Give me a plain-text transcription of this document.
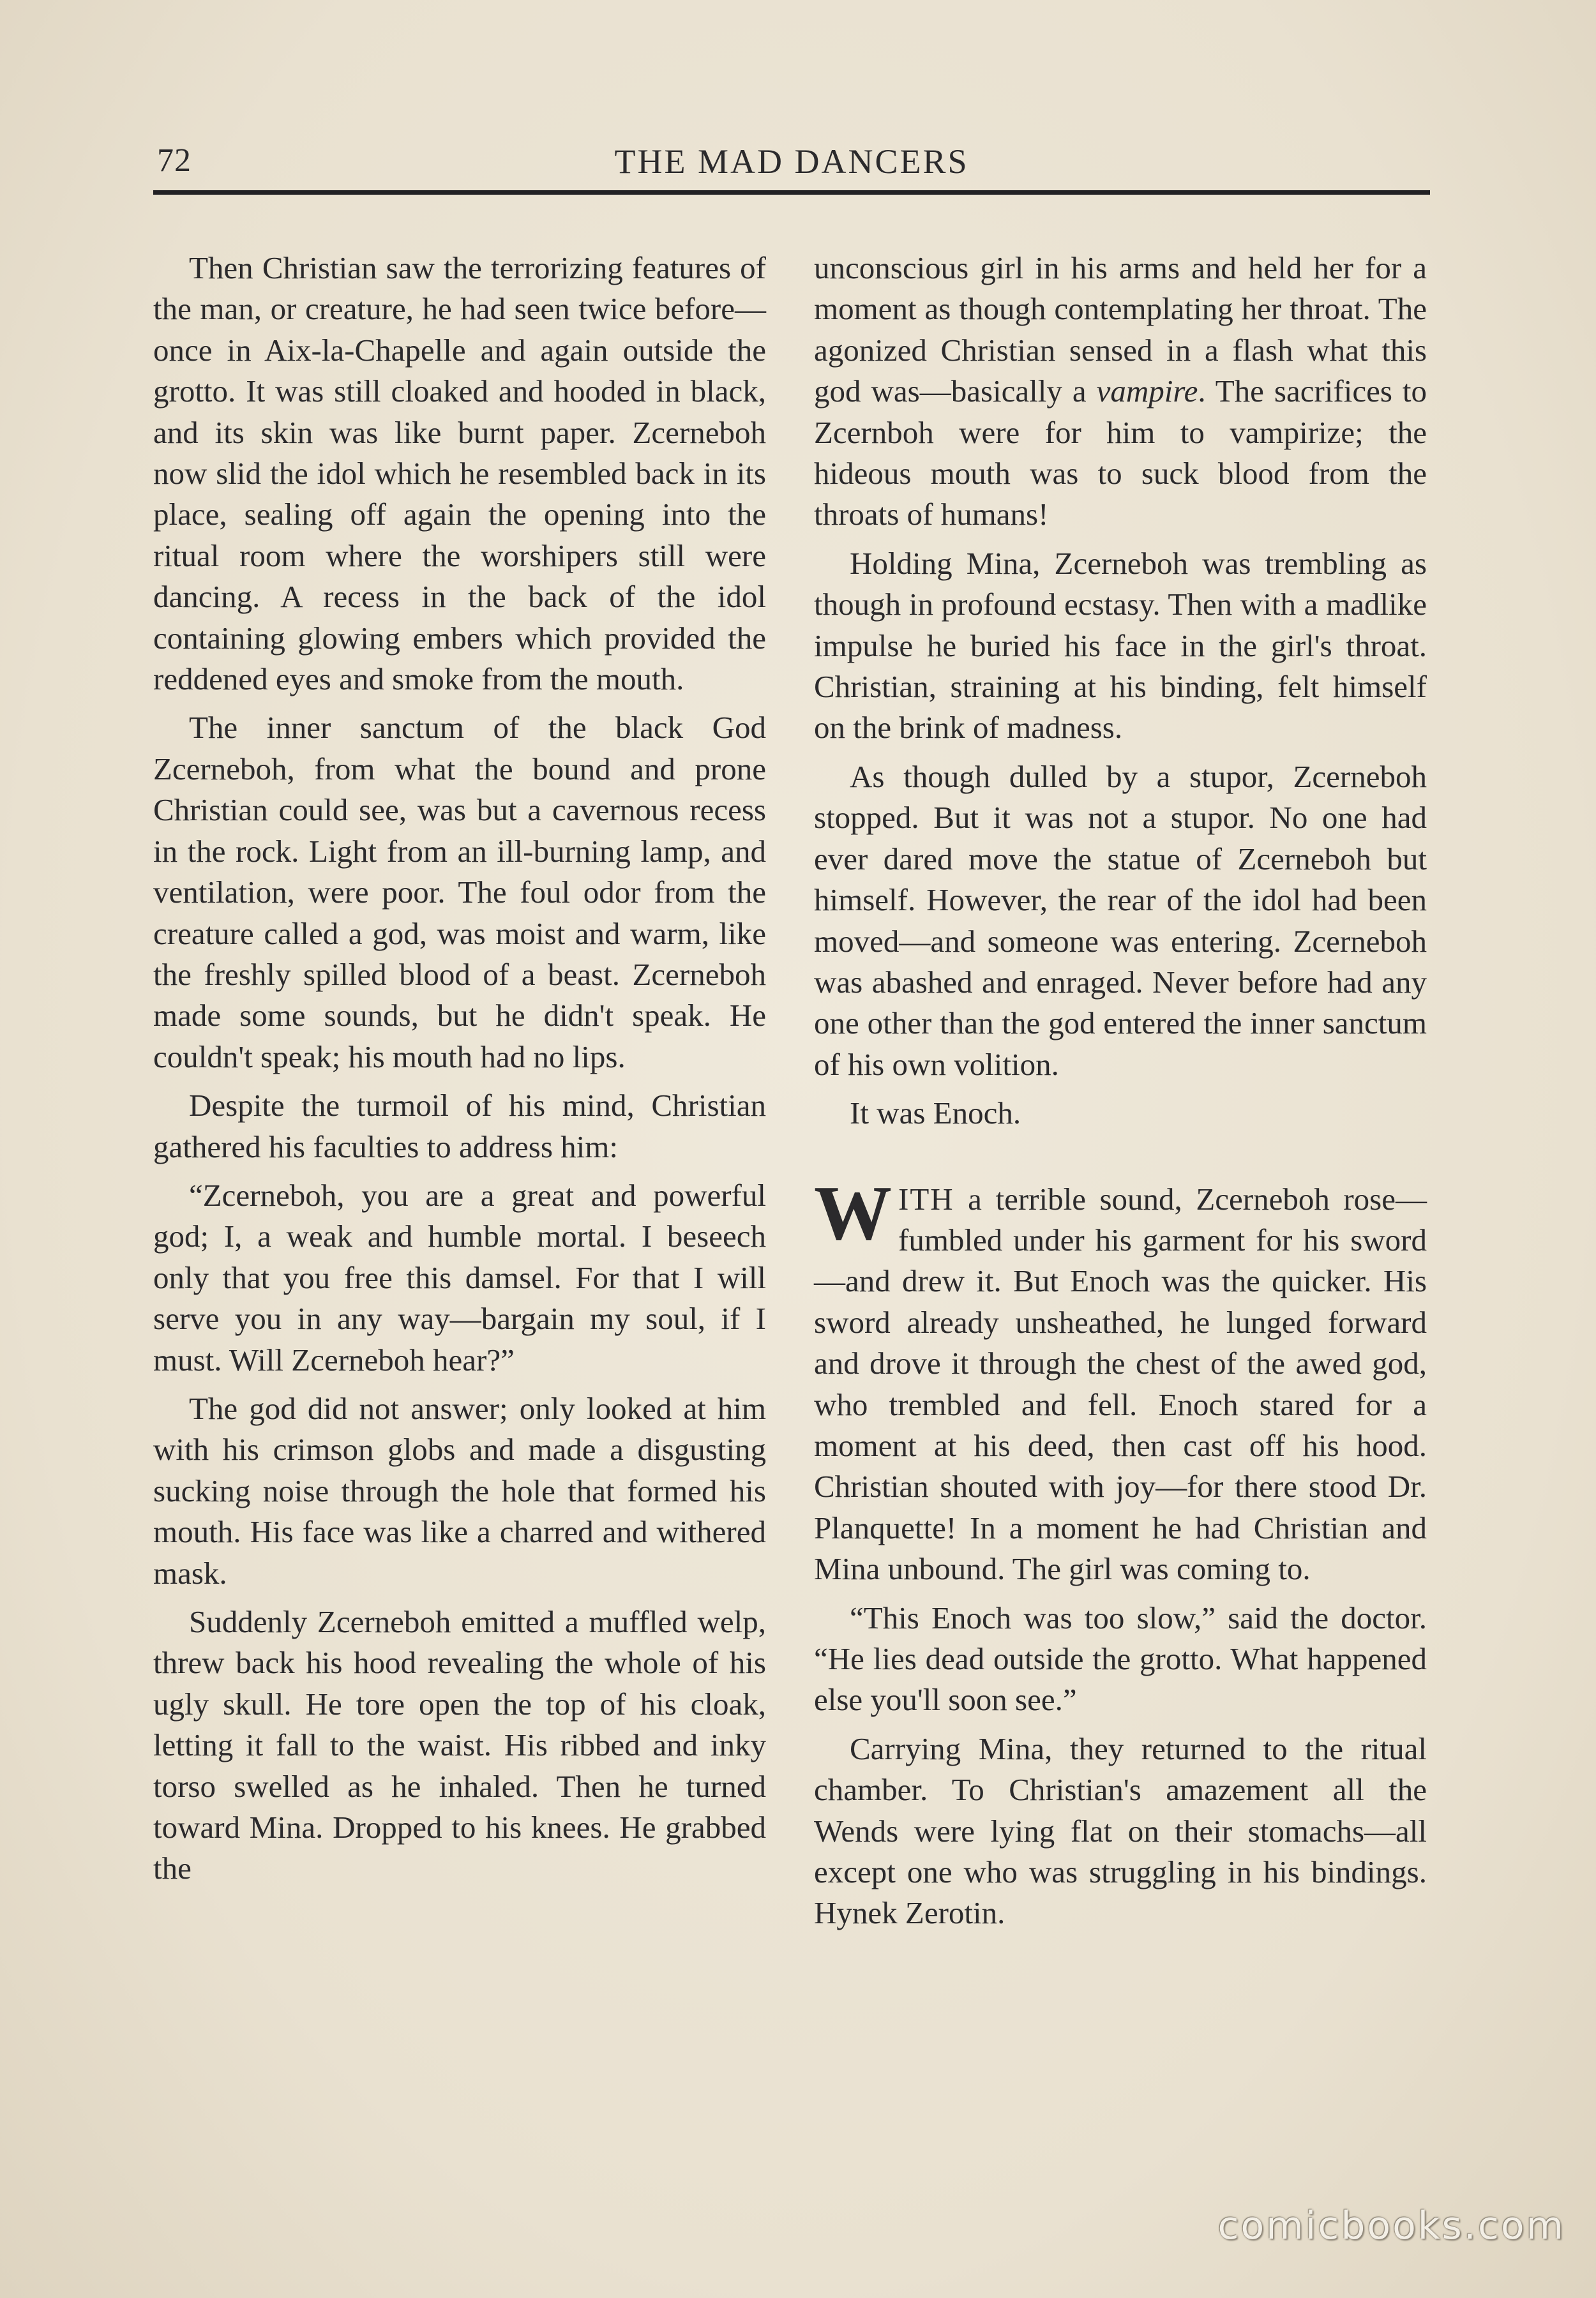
72	THE MAD DANCERS

Then Christian saw the terrorizing features of the man, or creature, he had seen twice before—once in Aix-la-Chapelle and again outside the grotto. It was still cloaked and hooded in black, and its skin was like burnt paper. Zcerneboh now slid the idol which he resembled back in its place, sealing off again the opening into the ritual room where the worshipers still were dancing. A recess in the back of the idol containing glowing embers which provided the reddened eyes and smoke from the mouth.

The inner sanctum of the black God Zcerneboh, from what the bound and prone Christian could see, was but a cavernous recess in the rock. Light from an ill-burning lamp, and ventilation, were poor. The foul odor from the creature called a god, was moist and warm, like the freshly spilled blood of a beast. Zcerneboh made some sounds, but he didn't speak. He couldn't speak; his mouth had no lips.

Despite the turmoil of his mind, Christian gathered his faculties to address him:

“Zcerneboh, you are a great and powerful god; I, a weak and humble mortal. I beseech only that you free this damsel. For that I will serve you in any way—bargain my soul, if I must. Will Zcerneboh hear?”

The god did not answer; only looked at him with his crimson globs and made a disgusting sucking noise through the hole that formed his mouth. His face was like a charred and withered mask.

Suddenly Zcerneboh emitted a muffled welp, threw back his hood revealing the whole of his ugly skull. He tore open the top of his cloak, letting it fall to the waist. His ribbed and inky torso swelled as he inhaled. Then he turned toward Mina. Dropped to his knees. He grabbed the

unconscious girl in his arms and held her for a moment as though contemplating her throat. The agonized Christian sensed in a flash what this god was—basically a vampire. The sacrifices to Zcernboh were for him to vampirize; the hideous mouth was to suck blood from the throats of humans!

Holding Mina, Zcerneboh was trembling as though in profound ecstasy. Then with a madlike impulse he buried his face in the girl's throat. Christian, straining at his binding, felt himself on the brink of madness.

As though dulled by a stupor, Zcerneboh stopped. But it was not a stupor. No one had ever dared move the statue of Zcerneboh but himself. However, the rear of the idol had been moved—and someone was entering. Zcerneboh was abashed and enraged. Never before had any one other than the god entered the inner sanctum of his own volition.

It was Enoch.

WITH a terrible sound, Zcerneboh rose—fumbled under his garment for his sword—and drew it. But Enoch was the quicker. His sword already unsheathed, he lunged forward and drove it through the chest of the awed god, who trembled and fell. Enoch stared for a moment at his deed, then cast off his hood. Christian shouted with joy—for there stood Dr. Planquette! In a moment he had Christian and Mina unbound. The girl was coming to.

“This Enoch was too slow,” said the doctor. “He lies dead outside the grotto. What happened else you'll soon see.”

Carrying Mina, they returned to the ritual chamber. To Christian's amazement all the Wends were lying flat on their stomachs—all except one who was struggling in his bindings. Hynek Zerotin.

comicbooks.com
